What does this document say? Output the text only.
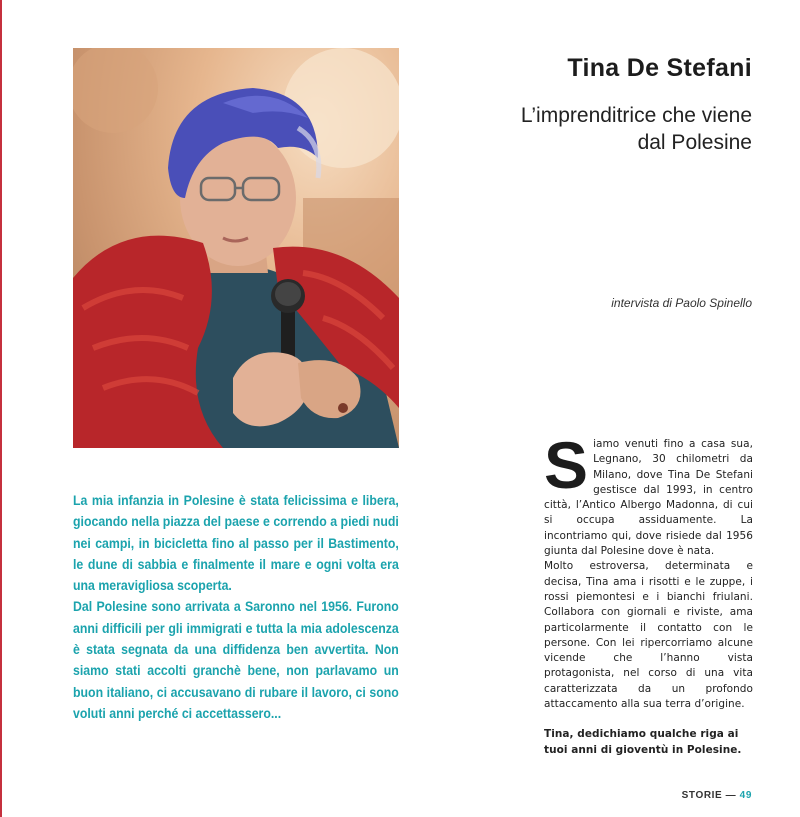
Tina De Stefani
L’imprenditrice che viene
dal Polesine
intervista di Paolo Spinello

La mia infanzia in Polesine è stata felicissima e libera, giocando nella piazza del paese e correndo a piedi nudi nei campi, in bicicletta fino al passo per il Bastimento, le dune di sabbia e finalmente il mare e ogni volta era una meravigliosa scoperta.

Dal Polesine sono arrivata a Saronno nel 1956. Furono anni difficili per gli immigrati e tutta la mia adolescenza è stata segnata da una diffidenza ben avvertita. Non siamo stati accolti granchè bene, non parlavamo un buon italiano, ci accusavano di rubare il lavoro, ci sono voluti anni perché ci accettassero...

Siamo venuti fino a casa sua, Legnano, 30 chilometri da Milano, dove Tina De Stefani gestisce dal 1993, in centro città, l’Antico Albergo Madonna, di cui si occupa assiduamente. La incontriamo qui, dove risiede dal 1956 giunta dal Polesine dove è nata.

Molto estroversa, determinata e decisa, Tina ama i risotti e le zuppe, i rossi piemontesi e i bianchi friulani. Collabora con giornali e riviste, ama particolarmente il contatto con le persone. Con lei ripercorriamo alcune vicende che l’hanno vista protagonista, nel corso di una vita caratterizzata da un profondo attaccamento alla sua terra d’origine.

Tina, dedichiamo qualche riga ai tuoi anni di gioventù in Polesine.

STORIE — 49
